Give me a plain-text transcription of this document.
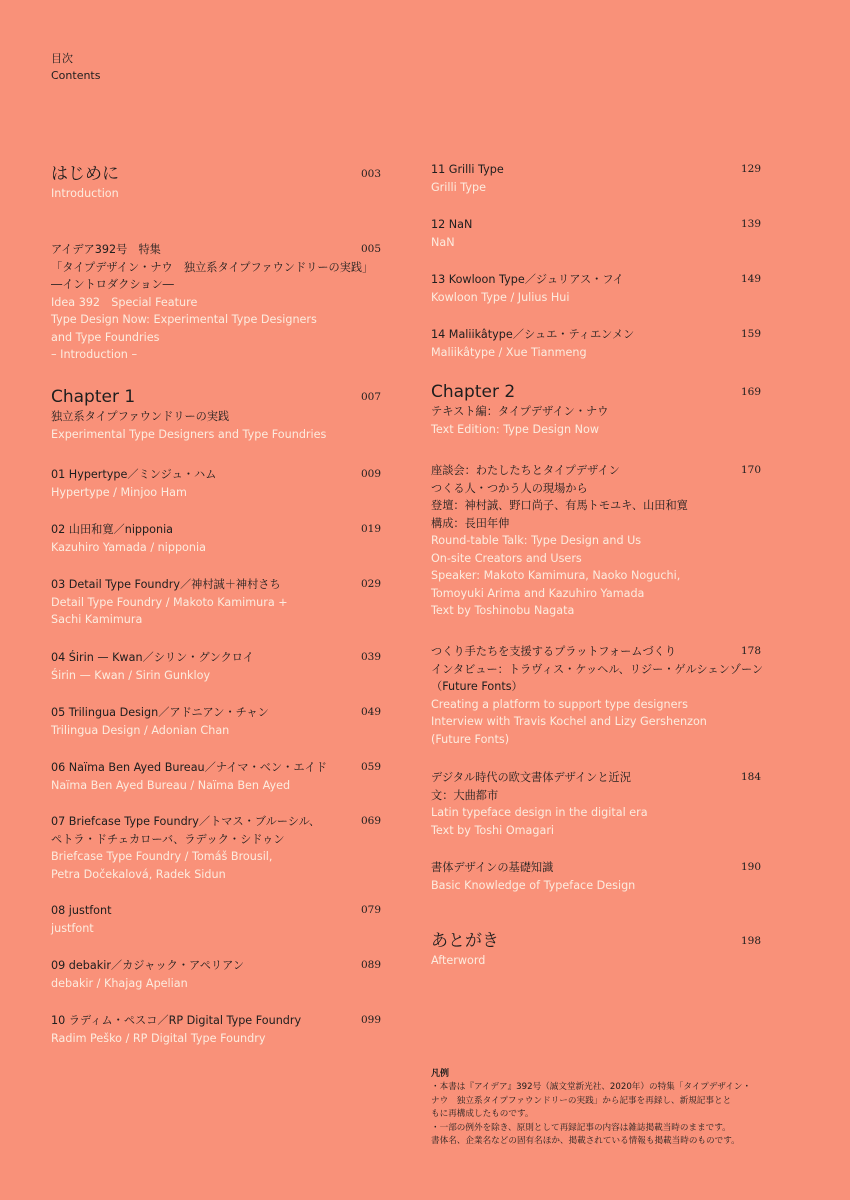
目次
Contents
はじめに
Introduction
003
アイデア392号　特集
「タイプデザイン・ナウ　独立系タイプファウンドリーの実践」
―イントロダクション―
Idea 392　Special Feature
Type Design Now: Experimental Type Designers
and Type Foundries
– Introduction –
005
Chapter 1
独立系タイプファウンドリーの実践
Experimental Type Designers and Type Foundries
007
01 Hypertype／ミンジュ・ハム
Hypertype / Minjoo Ham
009
02 山田和寛／nipponia
Kazuhiro Yamada / nipponia
019
03 Detail Type Foundry／神村誠＋神村さち
Detail Type Foundry / Makoto Kamimura +
Sachi Kamimura
029
04 Śirin — Kwan／シリン・グンクロイ
Śirin — Kwan / Sirin Gunkloy
039
05 Trilingua Design／アドニアン・チャン
Trilingua Design / Adonian Chan
049
06 Naïma Ben Ayed Bureau／ナイマ・ベン・エイド
Naïma Ben Ayed Bureau / Naïma Ben Ayed
059
07 Briefcase Type Foundry／トマス・ブルーシル、
ペトラ・ドチェカローバ、ラデック・シドゥン
Briefcase Type Foundry / Tomáš Brousil,
Petra Dočekalová, Radek Sidun
069
08 justfont
justfont
079
09 debakir／カジャック・アペリアン
debakir / Khajag Apelian
089
10 ラディム・ペスコ／RP Digital Type Foundry
Radim Peško / RP Digital Type Foundry
099
11 Grilli Type
Grilli Type
129
12 NaN
NaN
139
13 Kowloon Type／ジュリアス・フイ
Kowloon Type / Julius Hui
149
14 Maliikâtype／シュエ・ティエンメン
Maliikâtype / Xue Tianmeng
159
Chapter 2
テキスト編：タイプデザイン・ナウ
Text Edition: Type Design Now
169
座談会：わたしたちとタイプデザイン
つくる人・つかう人の現場から
登壇：神村誠、野口尚子、有馬トモユキ、山田和寛
構成：長田年伸
Round-table Talk: Type Design and Us
On-site Creators and Users
Speaker: Makoto Kamimura, Naoko Noguchi,
Tomoyuki Arima and Kazuhiro Yamada
Text by Toshinobu Nagata
170
つくり手たちを支援するプラットフォームづくり
インタビュー：トラヴィス・ケッヘル、リジー・ゲルシェンゾーン
（Future Fonts）
Creating a platform to support type designers
Interview with Travis Kochel and Lizy Gershenzon
(Future Fonts)
178
デジタル時代の欧文書体デザインと近況
文：大曲都市
Latin typeface design in the digital era
Text by Toshi Omagari
184
書体デザインの基礎知識
Basic Knowledge of Typeface Design
190
あとがき
Afterword
198
凡例
・本書は『アイデア』392号（誠文堂新光社、2020年）の特集「タイプデザイン・
ナウ　独立系タイプファウンドリーの実践」から記事を再録し、新規記事とと
もに再構成したものです。
・一部の例外を除き、原則として再録記事の内容は雑誌掲載当時のままです。
書体名、企業名などの固有名ほか、掲載されている情報も掲載当時のものです。
